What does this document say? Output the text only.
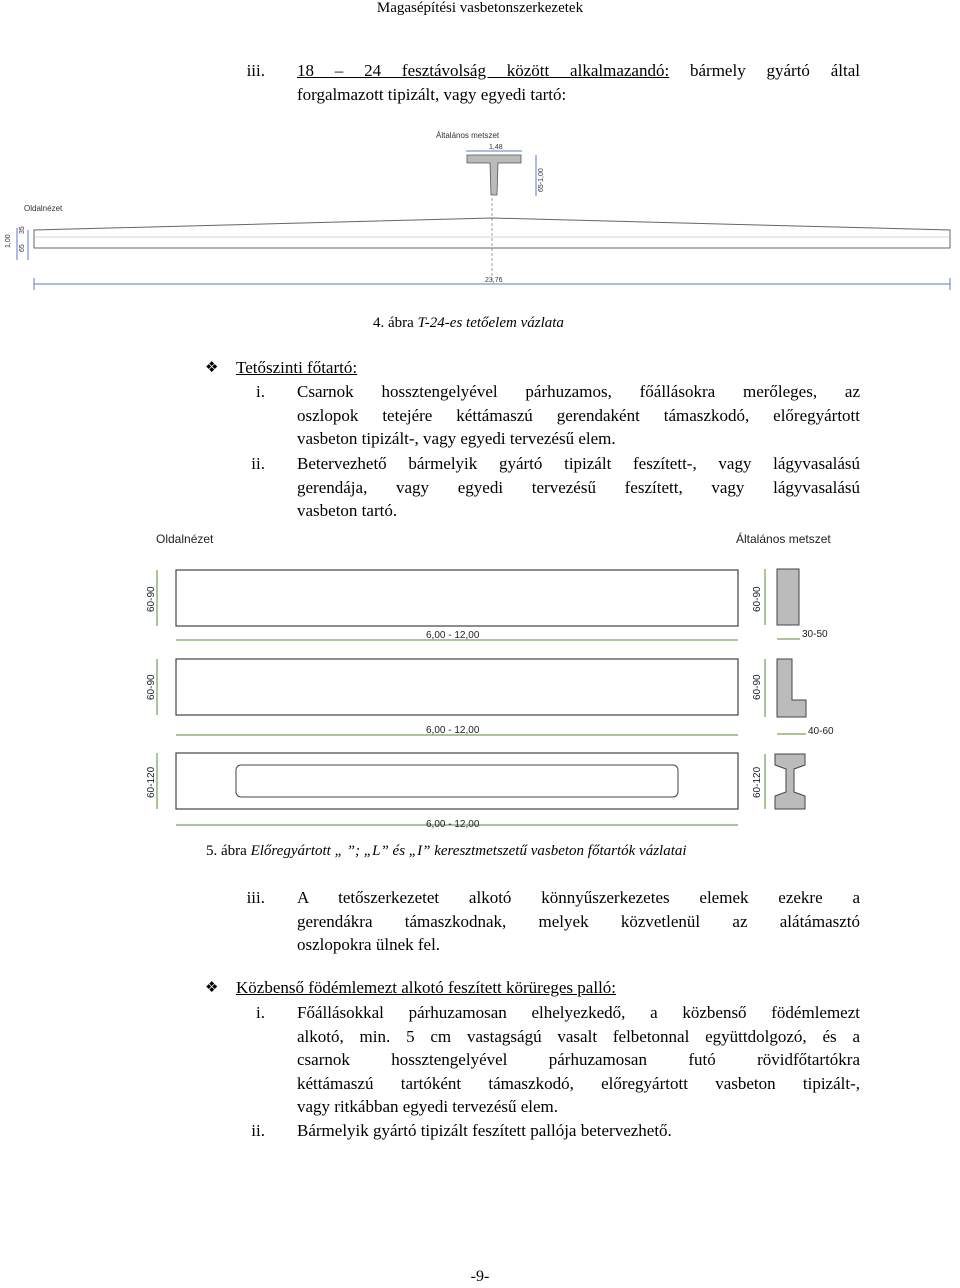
Magasépítési vasbetonszerkezetek
iii. 18 – 24 fesztávolság között alkalmazandó: bármely gyártó által
forgalmazott tipizált, vagy egyedi tartó:
Általános metszet
1,48
65-1,00
Oldalnézet
1,00
35
65
23,76
4. ábra T-24-es tetőelem vázlata
❖ Tetőszinti főtartó:
i. Csarnok hossztengelyével párhuzamos, főállásokra merőleges, az
oszlopok tetejére kéttámaszú gerendaként támaszkodó, előregyártott
vasbeton tipizált-, vagy egyedi tervezésű elem.
ii. Betervezhető bármelyik gyártó tipizált feszített-, vagy lágyvasalású
gerendája, vagy egyedi tervezésű feszített, vagy lágyvasalású
vasbeton tartó.
Oldalnézet	Általános metszet
60-90
6,00 - 12,00
60-90
6,00 - 12,00
60-120
6,00 - 12,00
60-90
30-50
60-90
40-60
60-120
5. ábra Előregyártott „ ”; „L” és „I” keresztmetszetű vasbeton főtartók vázlatai
iii. A tetőszerkezetet alkotó könnyűszerkezetes elemek ezekre a
gerendákra támaszkodnak, melyek közvetlenül az alátámasztó
oszlopokra ülnek fel.
❖ Közbenső födémlemezt alkotó feszített körüreges palló:
i. Főállásokkal párhuzamosan elhelyezkedő, a közbenső födémlemezt
alkotó, min. 5 cm vastagságú vasalt felbetonnal együttdolgozó, és a
csarnok hossztengelyével párhuzamosan futó rövidfőtartókra
kéttámaszú tartóként támaszkodó, előregyártott vasbeton tipizált-,
vagy ritkábban egyedi tervezésű elem.
ii. Bármelyik gyártó tipizált feszített pallója betervezhető.
-9-
